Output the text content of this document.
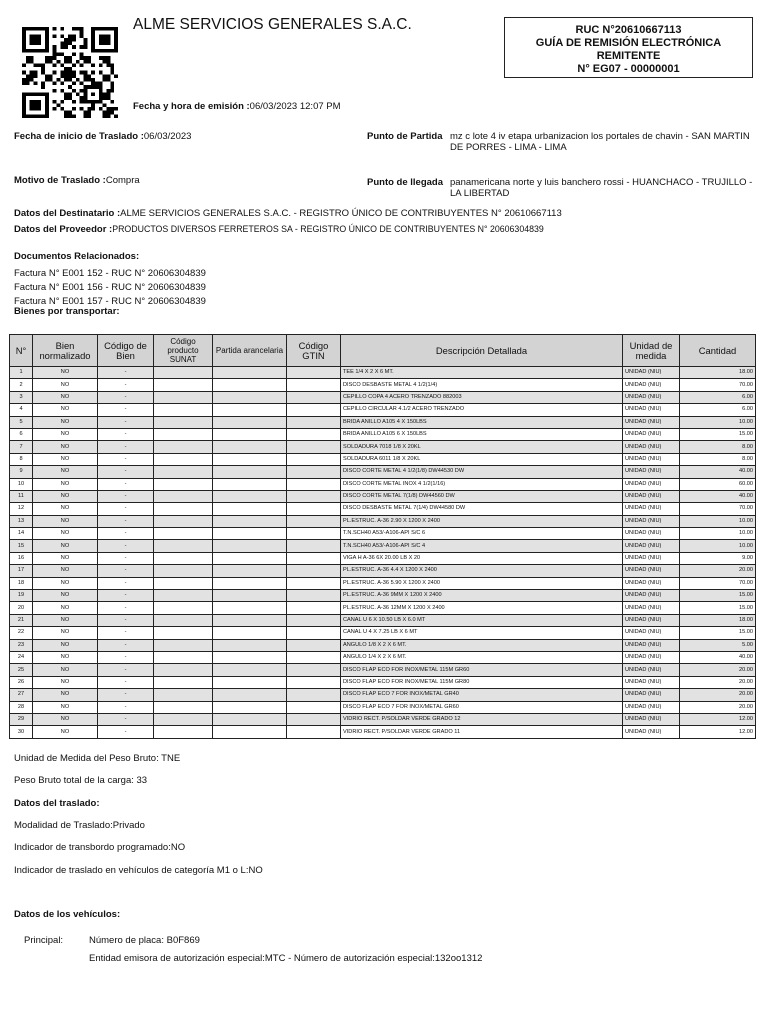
ALME SERVICIOS GENERALES S.A.C.
Fecha y hora de emisión :06/03/2023 12:07 PM
RUC N°20610667113
GUÍA DE REMISIÓN ELECTRÓNICA
REMITENTE
N° EG07 - 00000001
Fecha de inicio de Traslado :06/03/2023	Punto de Partida mz c lote 4 iv etapa urbanizacion los portales de chavin - SAN MARTIN DE PORRES - LIMA - LIMA
Motivo de Traslado :Compra	Punto de llegada panamericana norte y luis banchero rossi - HUANCHACO - TRUJILLO - LA LIBERTAD
Datos del Destinatario :ALME SERVICIOS GENERALES S.A.C. - REGISTRO ÚNICO DE CONTRIBUYENTES N° 20610667113
Datos del Proveedor :PRODUCTOS DIVERSOS FERRETEROS SA - REGISTRO ÚNICO DE CONTRIBUYENTES N° 20606304839
Documentos Relacionados:
Factura N° E001 152 - RUC N° 20606304839
Factura N° E001 156 - RUC N° 20606304839
Factura N° E001 157 - RUC N° 20606304839
Bienes por transportar:
N°	Bien normalizado	Código de Bien	Código producto SUNAT	Partida arancelaria	Código GTIN	Descripción Detallada	Unidad de medida	Cantidad
1	NO	-				TEE 1/4 X 2 X 6 MT.	UNIDAD (NIU)	18.00
2	NO	-				DISCO DESBASTE METAL 4 1/2(1/4)	UNIDAD (NIU)	70.00
3	NO	-				CEPILLO COPA 4 ACERO TRENZADO 882003	UNIDAD (NIU)	6.00
4	NO	-				CEPILLO CIRCULAR 4.1/2 ACERO TRENZADO	UNIDAD (NIU)	6.00
5	NO	-				BRIDA ANILLO A105 4 X 150LBS	UNIDAD (NIU)	10.00
6	NO	-				BRIDA ANILLO A105 6 X 150LBS	UNIDAD (NIU)	15.00
7	NO	-				SOLDADURA 7018 1/8 X 20KL	UNIDAD (NIU)	8.00
8	NO	-				SOLDADURA 6011 1/8 X 20KL	UNIDAD (NIU)	8.00
9	NO	-				DISCO CORTE METAL 4 1/2(1/8) DW44530 DW	UNIDAD (NIU)	40.00
10	NO	-				DISCO CORTE METAL INOX 4 1/2(1/16)	UNIDAD (NIU)	60.00
11	NO	-				DISCO CORTE METAL 7(1/8) DW44560 DW	UNIDAD (NIU)	40.00
12	NO	-				DISCO DESBASTE METAL 7(1/4) DW44580 DW	UNIDAD (NIU)	70.00
13	NO	-				PL.ESTRUC. A-36 2.90 X 1200 X 2400	UNIDAD (NIU)	10.00
14	NO	-				T.N.SCH40 A53/-A106-API S/C 6	UNIDAD (NIU)	10.00
15	NO	-				T.N.SCH40 A53/-A106-API S/C 4	UNIDAD (NIU)	10.00
16	NO	-				VIGA H A-36 6X 20.00 LB X 20	UNIDAD (NIU)	9.00
17	NO	-				PL.ESTRUC. A-36 4.4 X 1200 X 2400	UNIDAD (NIU)	20.00
18	NO	-				PL.ESTRUC. A-36 5.90 X 1200 X 2400	UNIDAD (NIU)	70.00
19	NO	-				PL.ESTRUC. A-36 9MM X 1200 X 2400	UNIDAD (NIU)	15.00
20	NO	-				PL.ESTRUC. A-36 12MM X 1200 X 2400	UNIDAD (NIU)	15.00
21	NO	-				CANAL U 6 X 10.50 LB X 6.0 MT	UNIDAD (NIU)	18.00
22	NO	-				CANAL U 4 X 7.25 LB X 6 MT	UNIDAD (NIU)	15.00
23	NO	-				ANGULO 1/8 X 2 X 6 MT.	UNIDAD (NIU)	5.00
24	NO	-				ANGULO 1/4 X 2 X 6 MT.	UNIDAD (NIU)	40.00
25	NO	-				DISCO FLAP ECO FOR INOX/METAL 115M GR60	UNIDAD (NIU)	20.00
26	NO	-				DISCO FLAP ECO FOR INOX/METAL 115M GR80	UNIDAD (NIU)	20.00
27	NO	-				DISCO FLAP ECO 7 FOR INOX/METAL GR40	UNIDAD (NIU)	20.00
28	NO	-				DISCO FLAP ECO 7 FOR INOX/METAL GR60	UNIDAD (NIU)	20.00
29	NO	-				VIDRIO RECT. P/SOLDAR VERDE GRADO 12	UNIDAD (NIU)	12.00
30	NO	-				VIDRIO RECT. P/SOLDAR VERDE GRADO 11	UNIDAD (NIU)	12.00
Unidad de Medida del Peso Bruto: TNE
Peso Bruto total de la carga: 33
Datos del traslado:
Modalidad de Traslado:Privado
Indicador de transbordo programado:NO
Indicador de traslado en vehículos de categoría M1 o L:NO
Datos de los vehículos:
Principal:	Número de placa: B0F869
Entidad emisora de autorización especial:MTC - Número de autorización especial:132oo1312
